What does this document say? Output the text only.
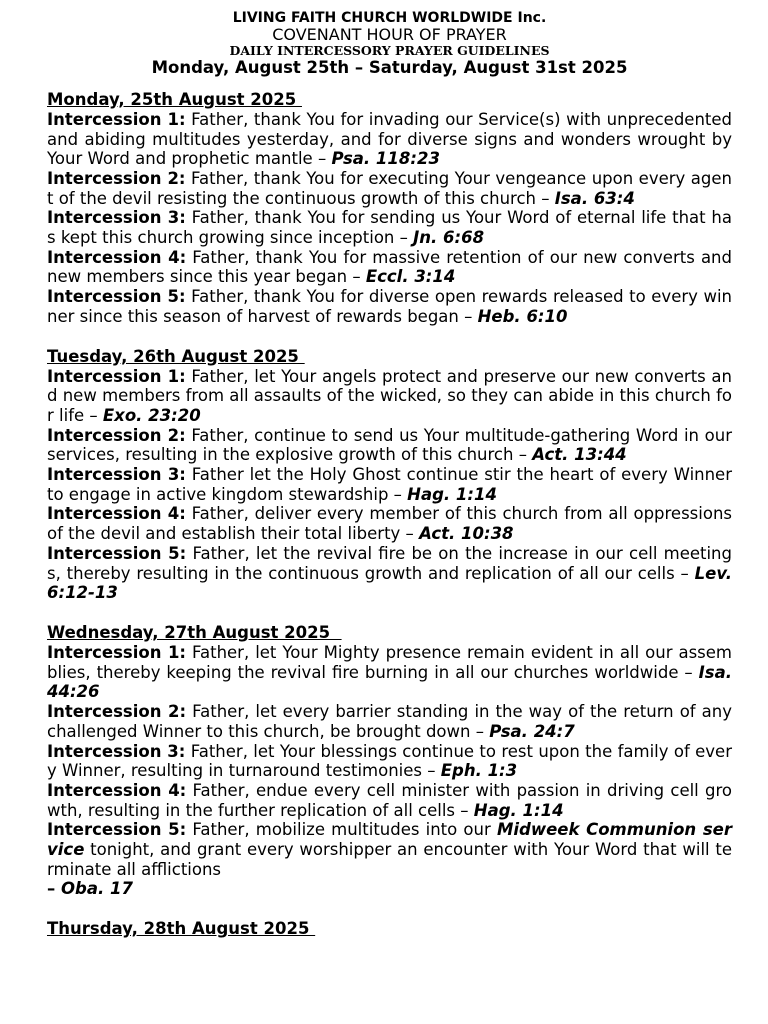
LIVING FAITH CHURCH WORLDWIDE Inc.
COVENANT HOUR OF PRAYER
DAILY INTERCESSORY PRAYER GUIDELINES
Monday, August 25th – Saturday, August 31st 2025
Monday, 25th August 2025
Intercession 1: Father, thank You for invading our Service(s) with unprecedented and abiding multitudes yesterday, and for diverse signs and wonders wrought by Your Word and prophetic mantle – Psa. 118:23
Intercession 2: Father, thank You for executing Your vengeance upon every agent of the devil resisting the continuous growth of this church – Isa. 63:4
Intercession 3: Father, thank You for sending us Your Word of eternal life that has kept this church growing since inception – Jn. 6:68
Intercession 4: Father, thank You for massive retention of our new converts and new members since this year began – Eccl. 3:14
Intercession 5: Father, thank You for diverse open rewards released to every winner since this season of harvest of rewards began – Heb. 6:10
Tuesday, 26th August 2025
Intercession 1: Father, let Your angels protect and preserve our new converts and new members from all assaults of the wicked, so they can abide in this church for life – Exo. 23:20
Intercession 2: Father, continue to send us Your multitude-gathering Word in our services, resulting in the explosive growth of this church – Act. 13:44
Intercession 3: Father let the Holy Ghost continue stir the heart of every Winner to engage in active kingdom stewardship – Hag. 1:14
Intercession 4: Father, deliver every member of this church from all oppressions of the devil and establish their total liberty – Act. 10:38
Intercession 5: Father, let the revival fire be on the increase in our cell meetings, thereby resulting in the continuous growth and replication of all our cells – Lev. 6:12-13
Wednesday, 27th August 2025
Intercession 1: Father, let Your Mighty presence remain evident in all our assemblies, thereby keeping the revival fire burning in all our churches worldwide – Isa. 44:26
Intercession 2: Father, let every barrier standing in the way of the return of any challenged Winner to this church, be brought down – Psa. 24:7
Intercession 3: Father, let Your blessings continue to rest upon the family of every Winner, resulting in turnaround testimonies – Eph. 1:3
Intercession 4: Father, endue every cell minister with passion in driving cell growth, resulting in the further replication of all cells – Hag. 1:14
Intercession 5: Father, mobilize multitudes into our Midweek Communion service tonight, and grant every worshipper an encounter with Your Word that will terminate all afflictions
– Oba. 17
Thursday, 28th August 2025
